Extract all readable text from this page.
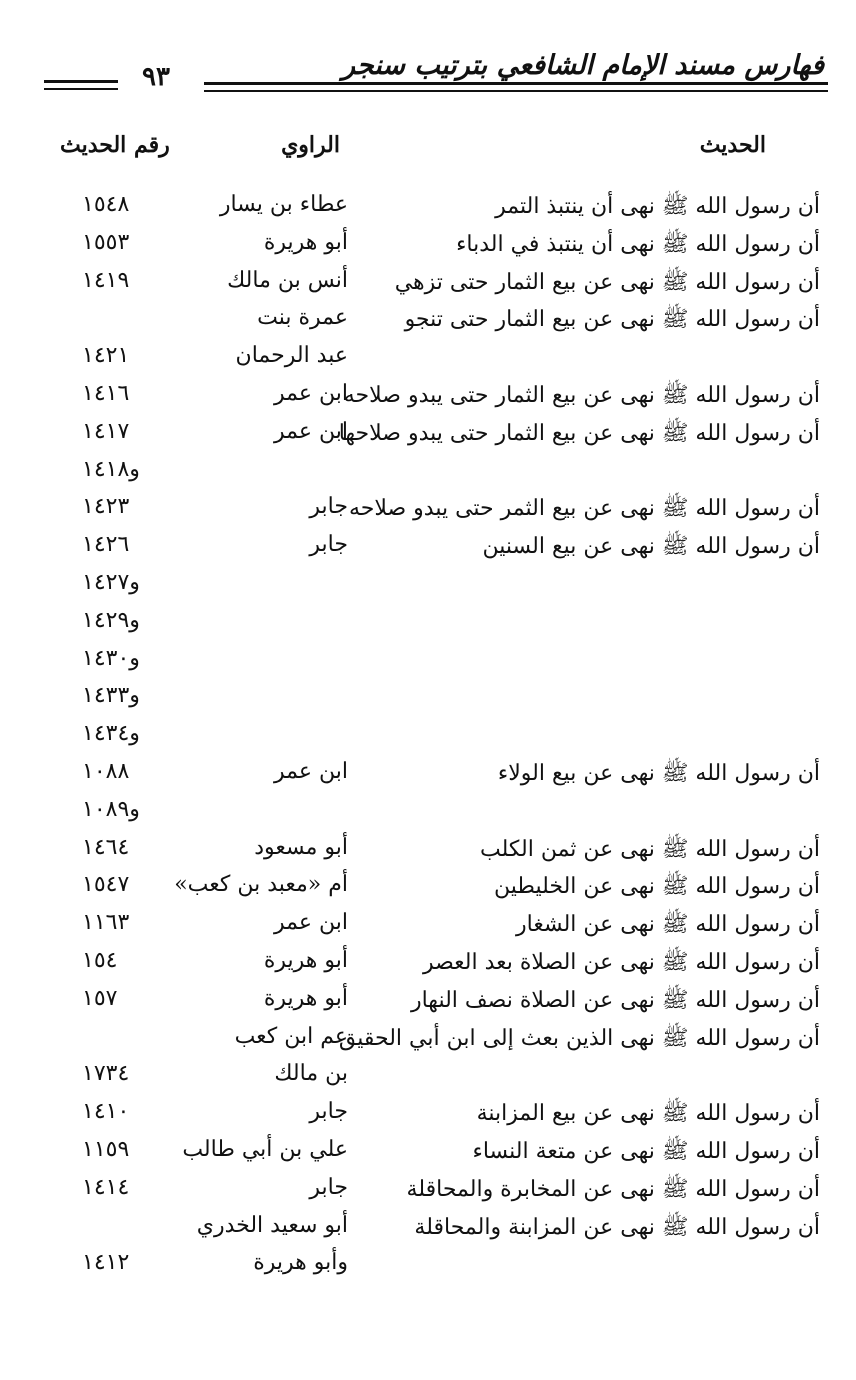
فهارس مسند الإمام الشافعي بترتيب سنجر
٩٣
الحديث
الراوي
رقم الحديث
أن رسول الله ﷺ نهى أن ينتبذ التمر
عطاء بن يسار
١٥٤٨
أن رسول الله ﷺ نهى أن ينتبذ في الدباء
أبو هريرة
١٥٥٣
أن رسول الله ﷺ نهى عن بيع الثمار حتى تزهي
أنس بن مالك
١٤١٩
أن رسول الله ﷺ نهى عن بيع الثمار حتى تنجو
عمرة بنت
عبد الرحمان
١٤٢١
أن رسول الله ﷺ نهى عن بيع الثمار حتى يبدو صلاحه
ابن عمر
١٤١٦
أن رسول الله ﷺ نهى عن بيع الثمار حتى يبدو صلاحها
ابن عمر
١٤١٧
و١٤١٨
أن رسول الله ﷺ نهى عن بيع الثمر حتى يبدو صلاحه
جابر
١٤٢٣
أن رسول الله ﷺ نهى عن بيع السنين
جابر
١٤٢٦
و١٤٢٧
و١٤٢٩
و١٤٣٠
و١٤٣٣
و١٤٣٤
أن رسول الله ﷺ نهى عن بيع الولاء
ابن عمر
١٠٨٨
و١٠٨٩
أن رسول الله ﷺ نهى عن ثمن الكلب
أبو مسعود
١٤٦٤
أن رسول الله ﷺ نهى عن الخليطين
أم «معبد بن كعب»
١٥٤٧
أن رسول الله ﷺ نهى عن الشغار
ابن عمر
١١٦٣
أن رسول الله ﷺ نهى عن الصلاة بعد العصر
أبو هريرة
١٥٤
أن رسول الله ﷺ نهى عن الصلاة نصف النهار
أبو هريرة
١٥٧
أن رسول الله ﷺ نهى الذين بعث إلى ابن أبي الحقيق
عم ابن كعب
بن مالك
١٧٣٤
أن رسول الله ﷺ نهى عن بيع المزابنة
جابر
١٤١٠
أن رسول الله ﷺ نهى عن متعة النساء
علي بن أبي طالب
١١٥٩
أن رسول الله ﷺ نهى عن المخابرة والمحاقلة
جابر
١٤١٤
أن رسول الله ﷺ نهى عن المزابنة والمحاقلة
أبو سعيد الخدري
وأبو هريرة
١٤١٢
